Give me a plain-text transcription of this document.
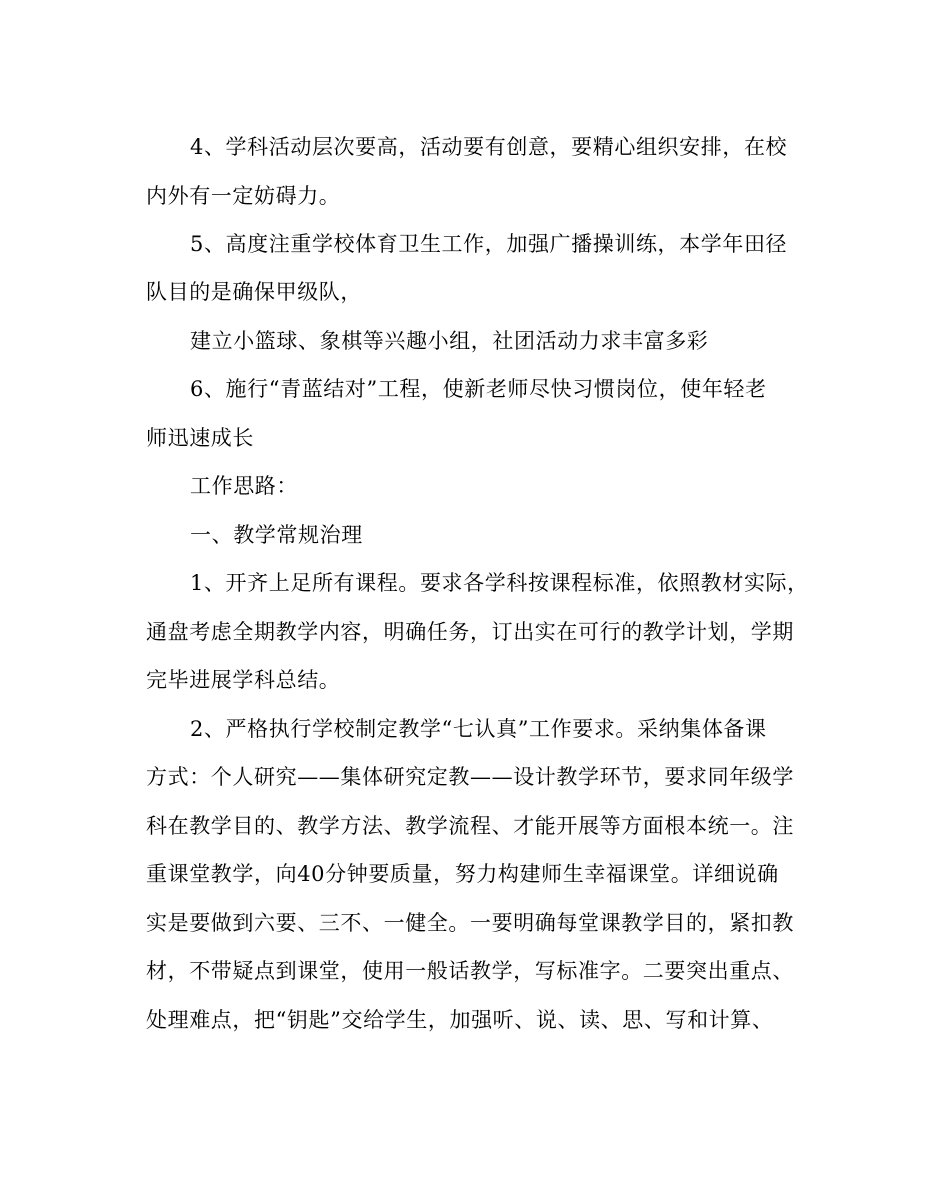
4、学科活动层次要高，活动要有创意，要精心组织安排，在校
内外有一定妨碍力。
5、高度注重学校体育卫生工作，加强广播操训练，本学年田径
队目的是确保甲级队，
建立小篮球、象棋等兴趣小组，社团活动力求丰富多彩
6、施行“青蓝结对”工程，使新老师尽快习惯岗位，使年轻老
师迅速成长
工作思路：
一、教学常规治理
1、开齐上足所有课程。要求各学科按课程标准，依照教材实际，
通盘考虑全期教学内容，明确任务，订出实在可行的教学计划，学期
完毕进展学科总结。
2、严格执行学校制定教学“七认真”工作要求。采纳集体备课
方式：个人研究——集体研究定教——设计教学环节，要求同年级学
科在教学目的、教学方法、教学流程、才能开展等方面根本统一。注
重课堂教学，向40分钟要质量，努力构建师生幸福课堂。详细说确
实是要做到六要、三不、一健全。一要明确每堂课教学目的，紧扣教
材，不带疑点到课堂，使用一般话教学，写标准字。二要突出重点、
处理难点，把“钥匙”交给学生，加强听、说、读、思、写和计算、
